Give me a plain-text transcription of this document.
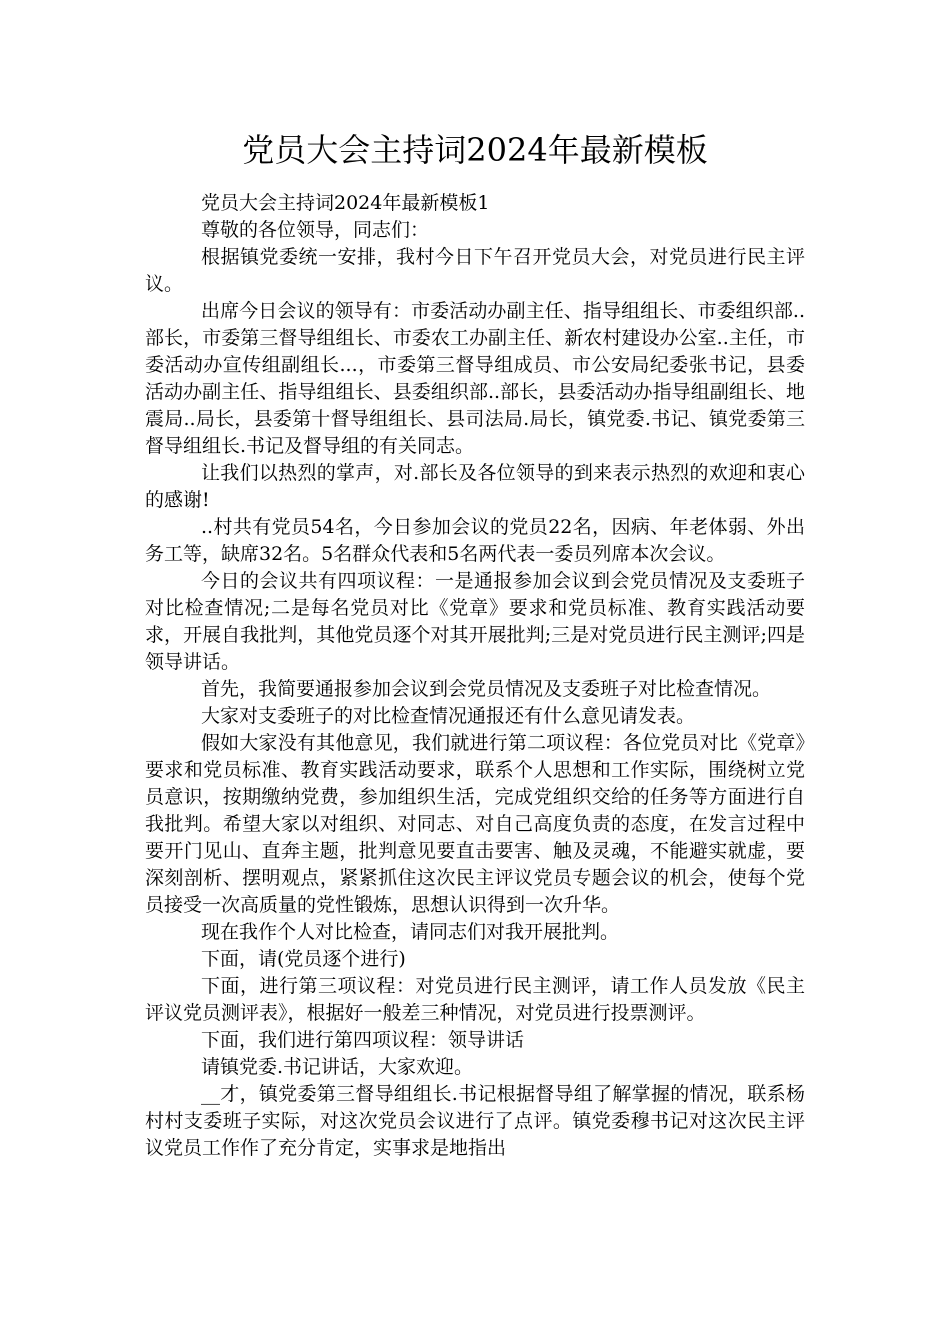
党员大会主持词2024年最新模板

党员大会主持词2024年最新模板1

尊敬的各位领导，同志们：

根据镇党委统一安排，我村今日下午召开党员大会，对党员进行民主评议。

出席今日会议的领导有：市委活动办副主任、指导组组长、市委组织部..部长，市委第三督导组组长、市委农工办副主任、新农村建设办公室..主任，市委活动办宣传组副组长...，市委第三督导组成员、市公安局纪委张书记，县委活动办副主任、指导组组长、县委组织部..部长，县委活动办指导组副组长、地震局..局长，县委第十督导组组长、县司法局.局长，镇党委.书记、镇党委第三督导组组长.书记及督导组的有关同志。

让我们以热烈的掌声，对.部长及各位领导的到来表示热烈的欢迎和衷心的感谢!

..村共有党员54名，今日参加会议的党员22名，因病、年老体弱、外出务工等，缺席32名。5名群众代表和5名两代表一委员列席本次会议。

今日的会议共有四项议程：一是通报参加会议到会党员情况及支委班子对比检查情况;二是每名党员对比《党章》要求和党员标准、教育实践活动要求，开展自我批判，其他党员逐个对其开展批判;三是对党员进行民主测评;四是领导讲话。

首先，我简要通报参加会议到会党员情况及支委班子对比检查情况。

大家对支委班子的对比检查情况通报还有什么意见请发表。

假如大家没有其他意见，我们就进行第二项议程：各位党员对比《党章》要求和党员标准、教育实践活动要求，联系个人思想和工作实际，围绕树立党员意识，按期缴纳党费，参加组织生活，完成党组织交给的任务等方面进行自我批判。希望大家以对组织、对同志、对自己高度负责的态度，在发言过程中要开门见山、直奔主题，批判意见要直击要害、触及灵魂，不能避实就虚，要深刻剖析、摆明观点，紧紧抓住这次民主评议党员专题会议的机会，使每个党员接受一次高质量的党性锻炼，思想认识得到一次升华。

现在我作个人对比检查，请同志们对我开展批判。

下面，请(党员逐个进行)

下面，进行第三项议程：对党员进行民主测评，请工作人员发放《民主评议党员测评表》，根据好一般差三种情况，对党员进行投票测评。

下面，我们进行第四项议程：领导讲话

请镇党委.书记讲话，大家欢迎。

__才，镇党委第三督导组组长.书记根据督导组了解掌握的情况，联系杨村村支委班子实际，对这次党员会议进行了点评。镇党委穆书记对这次民主评议党员工作作了充分肯定，实事求是地指出
